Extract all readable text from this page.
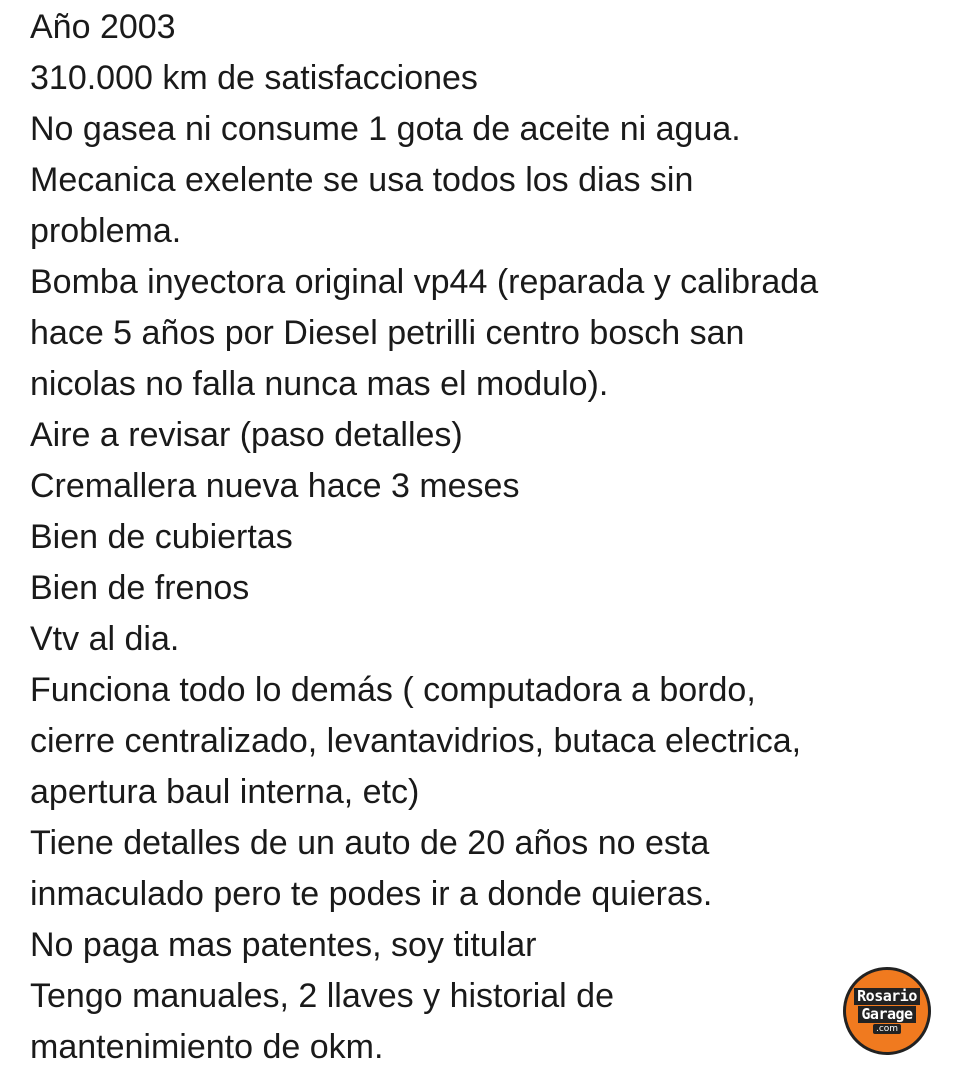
Año 2003
310.000 km de satisfacciones
No gasea ni consume 1 gota de aceite ni agua.
Mecanica exelente se usa todos los dias sin
problema.
Bomba inyectora original vp44 (reparada y calibrada
hace 5 años por Diesel petrilli centro bosch san
nicolas no falla nunca mas el modulo).
Aire a revisar (paso detalles)
Cremallera nueva hace 3 meses
Bien de cubiertas
Bien de frenos
Vtv al dia.
Funciona todo lo demás ( computadora a bordo,
cierre centralizado, levantavidrios, butaca electrica,
apertura baul interna, etc)
Tiene detalles de un auto de 20 años no esta
inmaculado pero te podes ir a donde quieras.
No paga mas patentes, soy titular
Tengo manuales, 2 llaves y historial de
mantenimiento de okm.
Rosario
Garage
.com
